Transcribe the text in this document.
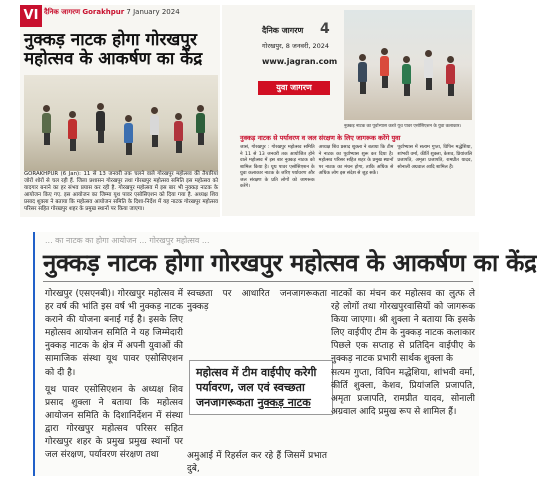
VI दैनिक जागरण Gorakhpur 7 January 2024
नुक्कड़ नाटक होगा गोरखपुर महोत्सव के आकर्षण का केंद्र
GORAKHPUR (6 Jan): 11 से 13 जनवरी तक चलने वाले गोरखपुर महोत्सव की तैयारियां जोरों शोरों से चल रही हैं. जिला प्रशासन गोरखपुर तथा गोरखपुर महोत्सव समिति इस महोत्सव को यादगार बनाने का हर संभव प्रयास कर रही है. गोरखपुर महोत्सव में इस बार भी नुक्कड़ नाटक के आयोजन किए गए. इस आयोजन का जिम्मा यूथ पावर एसोसिएशन को दिया गया है. अध्यक्ष शिव प्रसाद शुक्ला ने बताया कि महोत्सव आयोजन समिति के दिशा-निर्देश में यह नाटक गोरखपुर महोत्सव परिसर सहित गोरखपुर शहर के प्रमुख स्थानों पर किया जाएगा।
दैनिक जागरण 4
गोरखपुर, 8 जनवरी, 2024
www.jagran.com
युवा जागरण
नुक्कड़ नाटक का पूर्वाभ्यास करते यूथ पावर एसोसिएशन के युवा कलाकार।
नुक्कड़ नाटक से पर्यावरण व जल संरक्षण के लिए जागरूक करेंगे युवा

जासं, गोरखपुर : गोरखपुर महोत्सव समिति ने 11 से 13 जनवरी तक आयोजित होने वाले महोत्सव में इस बार नुक्कड़ नाटक को शामिल किया है। यूथ पावर एसोसिएशन के युवा कलाकार नाटक के जरिए पर्यावरण और जल संरक्षण के प्रति लोगों को जागरूक करेंगे।

अध्यक्ष शिव प्रसाद शुक्ला ने बताया कि टीम ने नाटक का पूर्वाभ्यास शुरू कर दिया है। महोत्सव परिसर सहित शहर के प्रमुख स्थानों पर नाटक का मंचन होगा, ताकि अधिक से अधिक लोग इस संदेश से जुड़ सकें।

पूर्वाभ्यास में सत्यम गुप्ता, विपिन मद्धेशिया, शांभवी वर्मा, कीर्ति शुक्ला, केशव, प्रियांजलि प्रजापति, अमृता प्रजापति, रामप्रीत यादव, सोनाली अग्रवाल आदि शामिल हैं।

... का नाटक का होगा आयोजन ... गोरखपुर महोत्सव ...
नुक्कड़ नाटक होगा गोरखपुर महोत्सव के आकर्षण का केंद्र

गोरखपुर (एसएनबी)। गोरखपुर महोत्सव में हर वर्ष की भांति इस वर्ष भी नुक्कड़ नाटक कराने की योजना बनाई गई है। इसके लिए महोत्सव आयोजन समिति ने यह जिम्मेदारी नुक्कड़ नाटक के क्षेत्र में अपनी युवाओं की सामाजिक संस्था यूथ पावर एसोसिएशन को दी है।

यूथ पावर एसोसिएशन के अध्यक्ष शिव प्रसाद शुक्ला ने बताया कि महोत्सव आयोजन समिति के दिशानिर्देशन में संस्था द्वारा गोरखपुर महोत्सव परिसर सहित गोरखपुर शहर के प्रमुख प्रमुख स्थानों पर जल संरक्षण, पर्यावरण संरक्षण तथा

स्वच्छता पर आधारित जनजागरूकता नुक्कड़

महोत्सव में टीम वाईपीए करेगी पर्यावरण, जल एवं स्वच्छता जनजागरूकता नुक्कड़ नाटक

अमुआई में रिहर्सल कर रहे हैं जिसमें प्रभात दुबे,

नाटकों का मंचन कर महोत्सव का लुत्फ ले रहे लोगों तथा गोरखपुरवासियों को जागरूक किया जाएगा। श्री शुक्ला ने बताया कि इसके लिए वाईपीए टीम के नुक्कड़ नाटक कलाकार पिछले एक सप्ताह से प्रतिदिन वाईपीए के नुक्कड़ नाटक प्रभारी सार्थक शुक्ला के

सत्यम गुप्ता, विपिन मद्धेशिया, शांभवी वर्मा, कीर्ति शुक्ला, केशव, प्रियांजलि प्रजापति, अमृता प्रजापति, रामप्रीत यादव, सोनाली अग्रवाल आदि प्रमुख रूप से शामिल हैं।
